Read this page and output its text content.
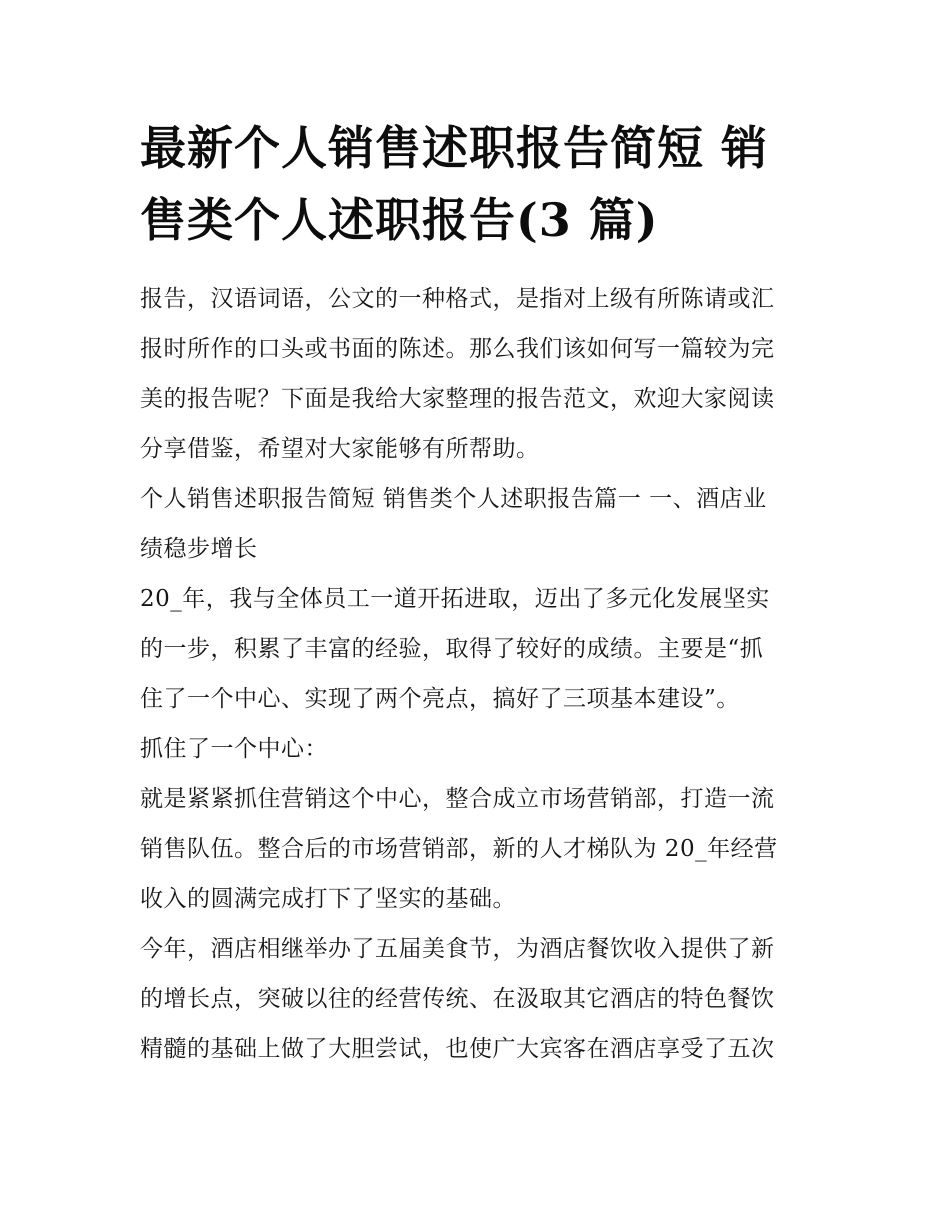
最新个人销售述职报告简短 销
售类个人述职报告(3 篇)

报告，汉语词语，公文的一种格式，是指对上级有所陈请或汇
报时所作的口头或书面的陈述。那么我们该如何写一篇较为完
美的报告呢？下面是我给大家整理的报告范文，欢迎大家阅读
分享借鉴，希望对大家能够有所帮助。

个人销售述职报告简短 销售类个人述职报告篇一 一、酒店业
绩稳步增长

20_年，我与全体员工一道开拓进取，迈出了多元化发展坚实
的一步，积累了丰富的经验，取得了较好的成绩。主要是“抓
住了一个中心、实现了两个亮点，搞好了三项基本建设”。

抓住了一个中心：

就是紧紧抓住营销这个中心，整合成立市场营销部，打造一流
销售队伍。整合后的市场营销部，新的人才梯队为 20_年经营
收入的圆满完成打下了坚实的基础。

今年，酒店相继举办了五届美食节，为酒店餐饮收入提供了新
的增长点，突破以往的经营传统、在汲取其它酒店的特色餐饮
精髓的基础上做了大胆尝试，也使广大宾客在酒店享受了五次
